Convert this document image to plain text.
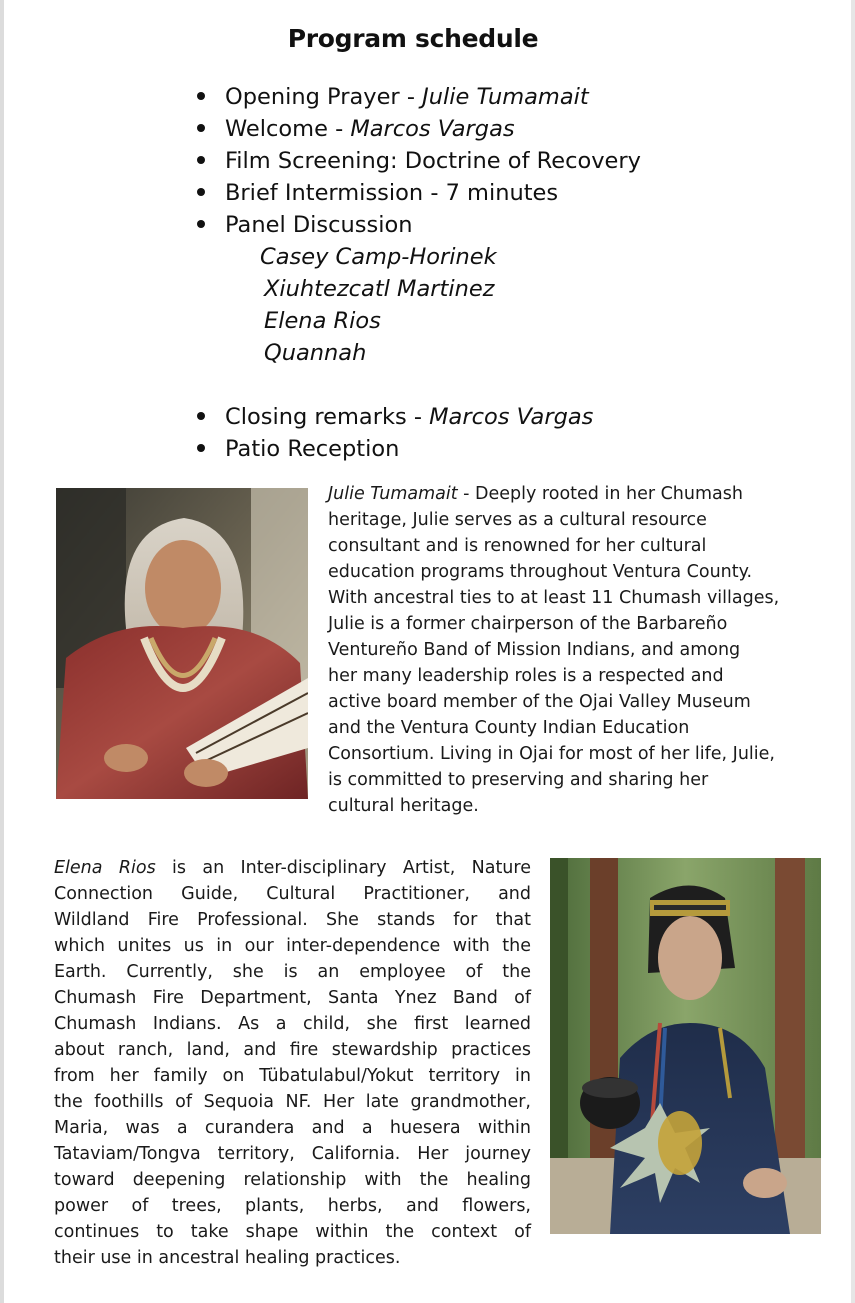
Program schedule
Opening Prayer - Julie Tumamait
Welcome - Marcos Vargas
Film Screening: Doctrine of Recovery
Brief Intermission - 7 minutes
Panel Discussion
Casey Camp-Horinek
Xiuhtezcatl Martinez
Elena Rios
Quannah
Closing remarks - Marcos Vargas
Patio Reception
Julie Tumamait - Deeply rooted in her Chumash
heritage, Julie serves as a cultural resource
consultant and is renowned for her cultural
education programs throughout Ventura County.
With ancestral ties to at least 11 Chumash villages,
Julie is a former chairperson of the Barbareño
Ventureño Band of Mission Indians, and among
her many leadership roles is a respected and
active board member of the Ojai Valley Museum
and the Ventura County Indian Education
Consortium. Living in Ojai for most of her life, Julie,
is committed to preserving and sharing her
cultural heritage.
Elena Rios is an Inter-disciplinary Artist, Nature
Connection Guide, Cultural Practitioner, and
Wildland Fire Professional. She stands for that
which unites us in our inter-dependence with the
Earth. Currently, she is an employee of the
Chumash Fire Department, Santa Ynez Band of
Chumash Indians. As a child, she first learned
about ranch, land, and fire stewardship practices
from her family on Tübatulabul/Yokut territory in
the foothills of Sequoia NF. Her late grandmother,
Maria, was a curandera and a huesera within
Tataviam/Tongva territory, California. Her journey
toward deepening relationship with the healing
power of trees, plants, herbs, and flowers,
continues to take shape within the context of
their use in ancestral healing practices.
